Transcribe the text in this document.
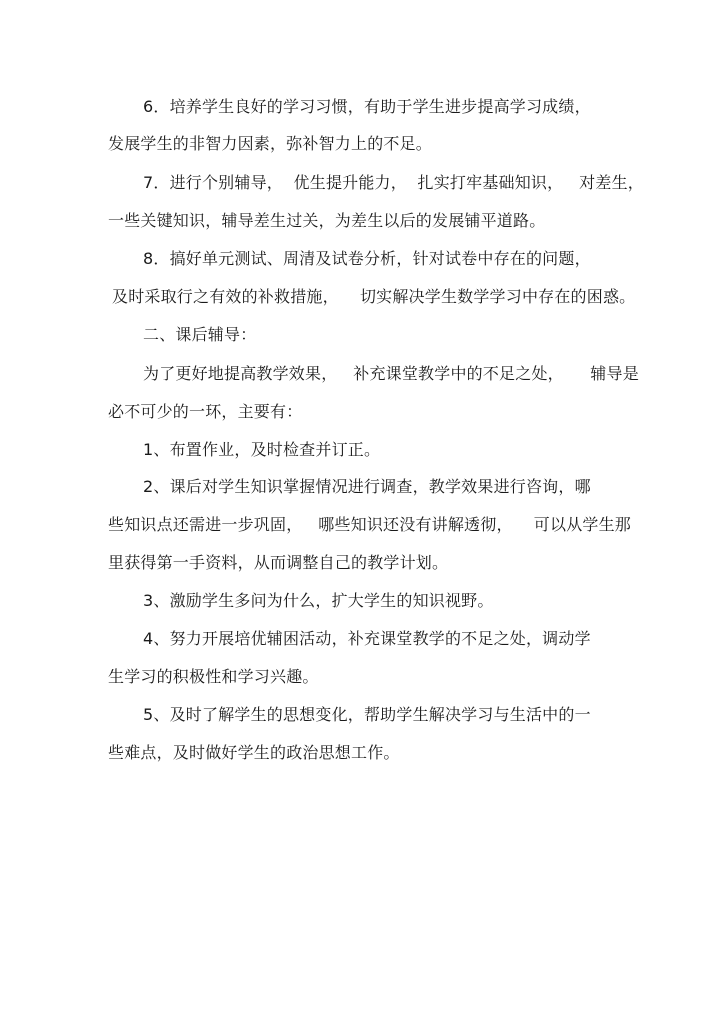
6．培养学生良好的学习习惯，有助于学生进步提高学习成绩，
发展学生的非智力因素，弥补智力上的不足。
7．进行个别辅导，  优生提升能力，  扎实打牢基础知识，   对差生，
一些关键知识，辅导差生过关，为差生以后的发展铺平道路。
8．搞好单元测试、周清及试卷分析，针对试卷中存在的问题，
及时采取行之有效的补救措施，    切实解决学生数学学习中存在的困惑。
二、课后辅导：
为了更好地提高教学效果，   补充课堂教学中的不足之处，     辅导是
必不可少的一环，主要有：
1、布置作业，及时检查并订正。
2、课后对学生知识掌握情况进行调查，教学效果进行咨询，哪
些知识点还需进一步巩固，   哪些知识还没有讲解透彻，    可以从学生那
里获得第一手资料，从而调整自己的教学计划。
3、激励学生多问为什么，扩大学生的知识视野。
4、努力开展培优辅困活动，补充课堂教学的不足之处，调动学
生学习的积极性和学习兴趣。
5、及时了解学生的思想变化，帮助学生解决学习与生活中的一
些难点，及时做好学生的政治思想工作。
